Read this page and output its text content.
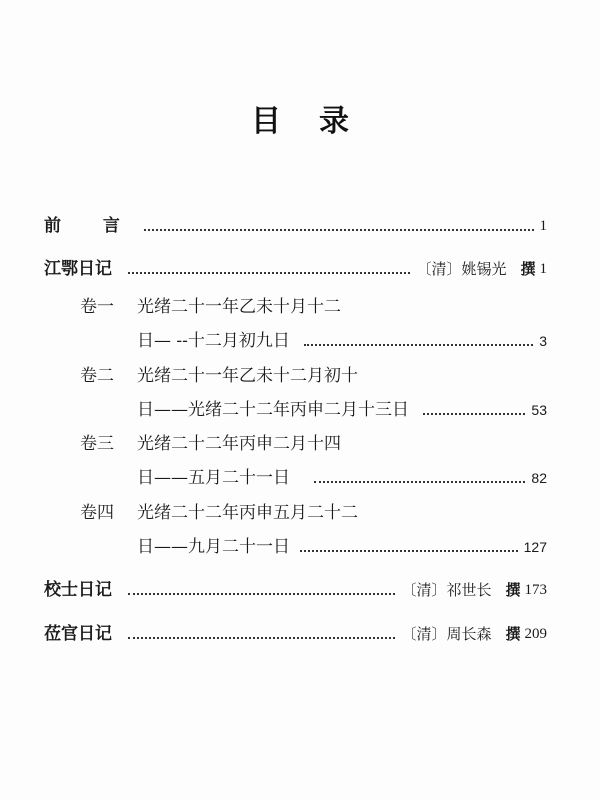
目录
前 言	1
江鄂日记	〔清〕姚锡光 撰 1
卷一	光绪二十一年乙未十月十二
日— --十二月初九日	3
卷二	光绪二十一年乙未十二月初十
日——光绪二十二年丙申二月十三日	53
卷三	光绪二十二年丙申二月十四
日——五月二十一日	82
卷四	光绪二十二年丙申五月二十二
日——九月二十一日	127
校士日记	〔清〕祁世长 撰 173
莅官日记	〔清〕周长森 撰 209
